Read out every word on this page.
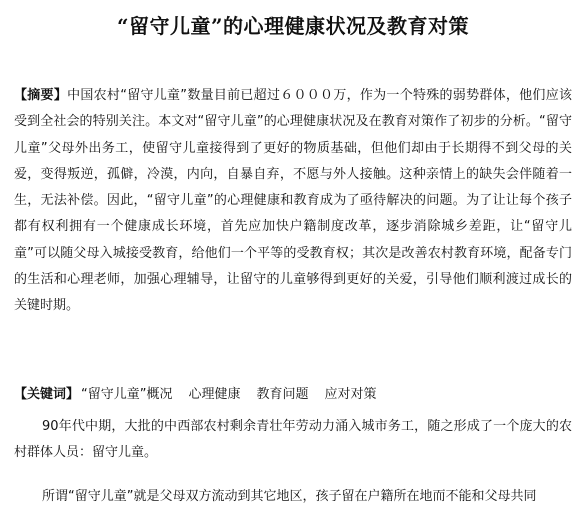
“留守儿童”的心理健康状况及教育对策
【摘要】中国农村“留守儿童”数量目前已超过６０００万，作为一个特殊的弱势群体，他们应该受到全社会的特别关注。本文对“留守儿童”的心理健康状况及在教育对策作了初步的分析。“留守儿童”父母外出务工，使留守儿童接得到了更好的物质基础，但他们却由于长期得不到父母的关爱，变得叛逆，孤僻，冷漠，内向，自暴自弃，不愿与外人接触。这种亲情上的缺失会伴随着一生，无法补偿。因此，“留守儿童”的心理健康和教育成为了亟待解决的问题。为了让让每个孩子都有权利拥有一个健康成长环境，首先应加快户籍制度改革，逐步消除城乡差距，让“留守儿童”可以随父母入城接受教育，给他们一个平等的受教育权；其次是改善农村教育环境，配备专门的生活和心理老师，加强心理辅导，让留守的儿童够得到更好的关爱，引导他们顺利渡过成长的关键时期。
【关键词】 “留守儿童”概况 心理健康 教育问题 应对对策
90年代中期，大批的中西部农村剩余青壮年劳动力涌入城市务工，随之形成了一个庞大的农村群体人员：留守儿童。
所谓“留守儿童”就是父母双方流动到其它地区，孩子留在户籍所在地而不能和父母共同
